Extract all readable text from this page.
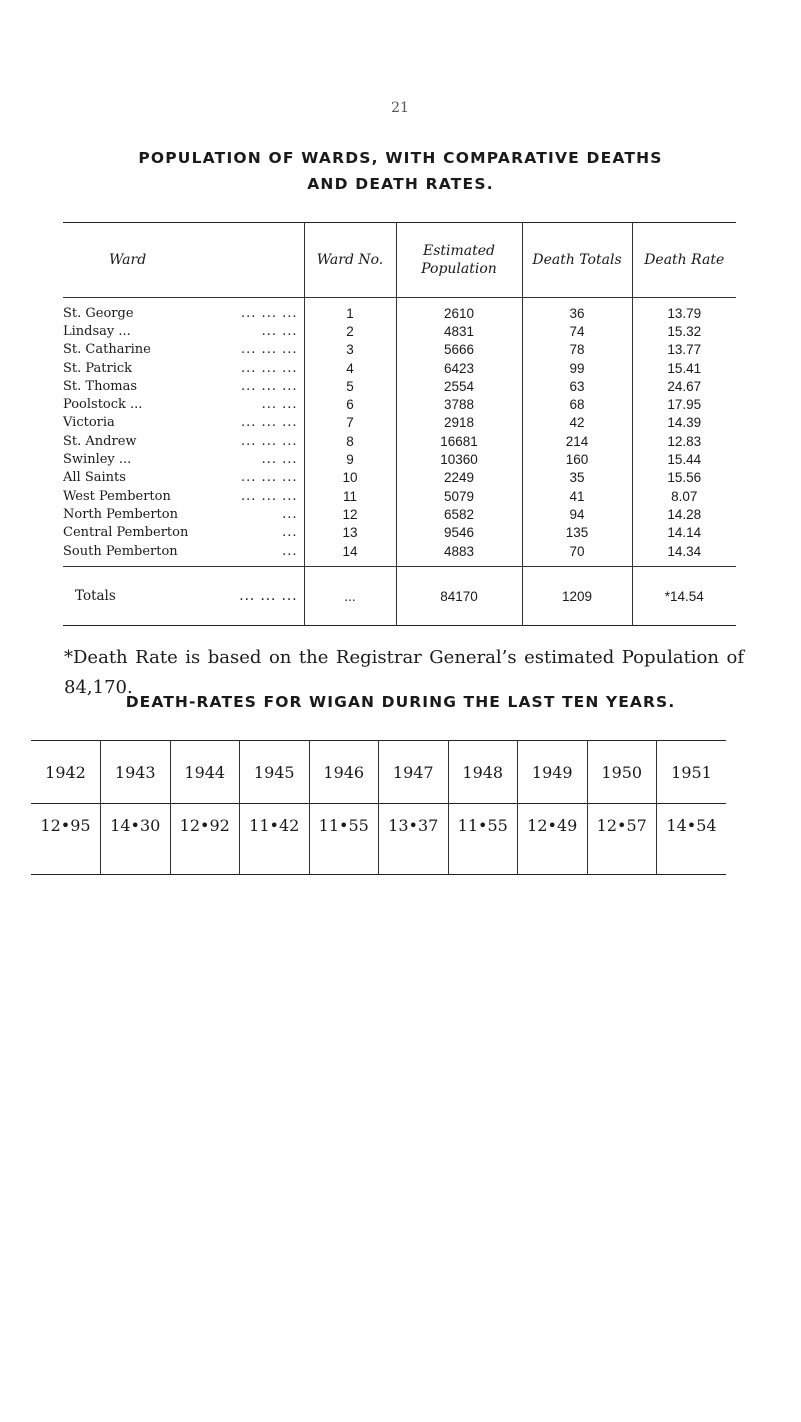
21
POPULATION OF WARDS, WITH COMPARATIVE DEATHS
AND DEATH RATES.
Ward	Ward No.	Estimated Population	Death Totals	Death Rate
St. George ... ... ...	1	2610	36	13.79
Lindsay ... ... ...	2	4831	74	15.32
St. Catharine ... ... ...	3	5666	78	13.77
St. Patrick ... ... ...	4	6423	99	15.41
St. Thomas ... ... ...	5	2554	63	24.67
Poolstock ... ... ...	6	3788	68	17.95
Victoria ... ... ...	7	2918	42	14.39
St. Andrew ... ... ...	8	16681	214	12.83
Swinley ... ... ...	9	10360	160	15.44
All Saints ... ... ...	10	2249	35	15.56
West Pemberton ... ... ...	11	5079	41	8.07
North Pemberton ...	12	6582	94	14.28
Central Pemberton ...	13	9546	135	14.14
South Pemberton ...	14	4883	70	14.34
Totals ... ... ...	...	84170	1209	*14.54
*Death Rate is based on the Registrar General’s estimated Population of 84,170.
DEATH-RATES FOR WIGAN DURING THE LAST TEN YEARS.
1942	1943	1944	1945	1946	1947	1948	1949	1950	1951
12•95	14•30	12•92	11•42	11•55	13•37	11•55	12•49	12•57	14•54
